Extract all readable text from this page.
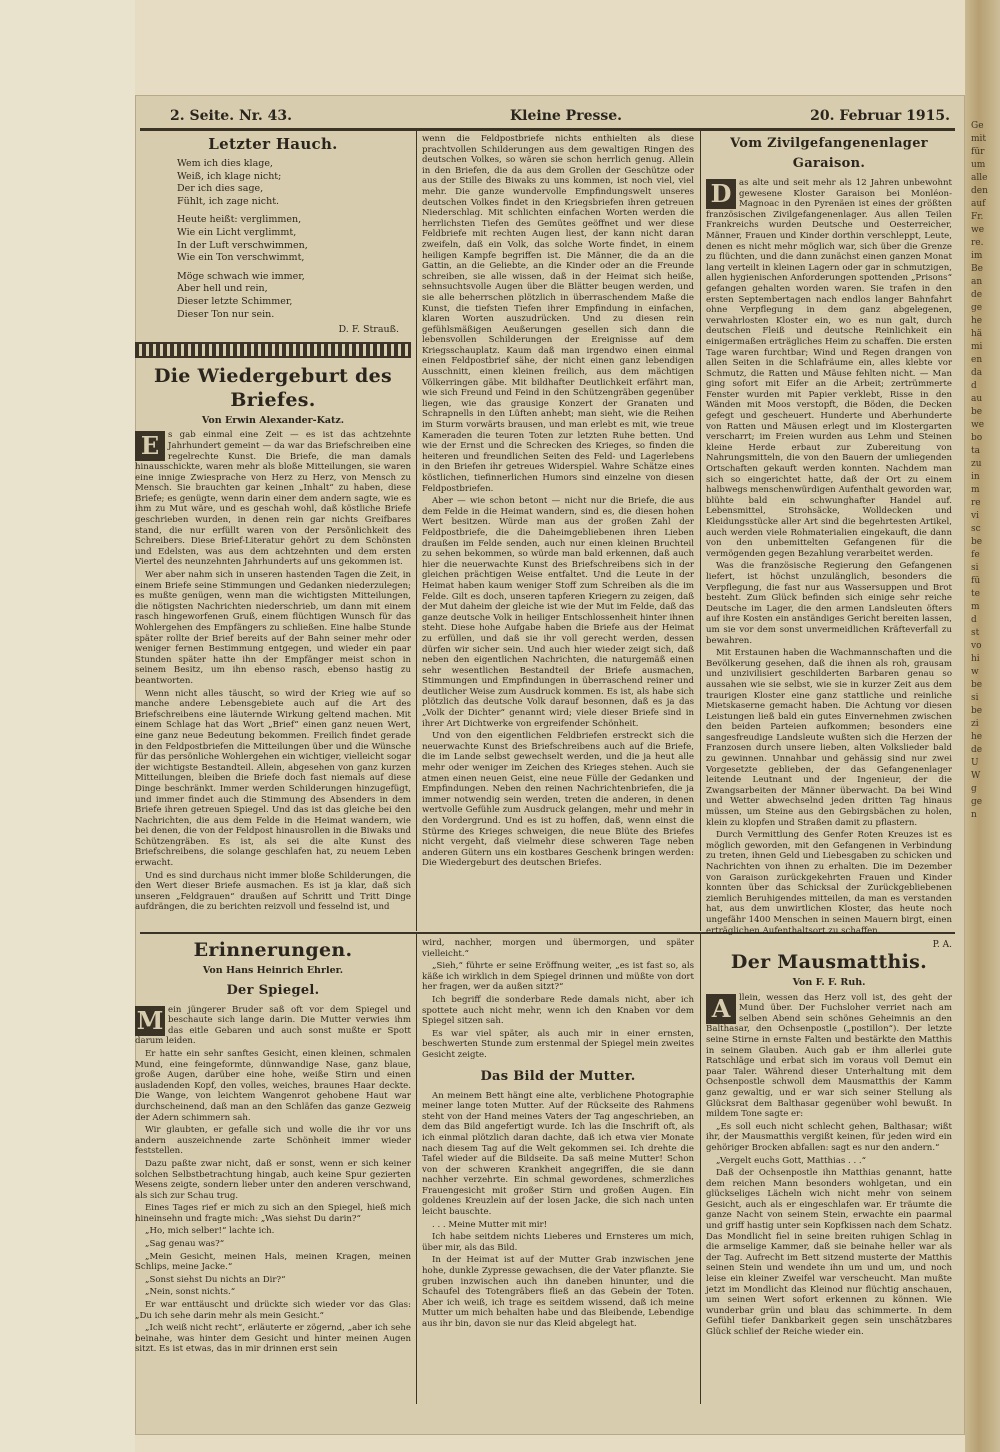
Ge
mit
für
um
alle
den
auf
Fr.
we
re.
im
Be
an
de
ge
he
hä
mi
en
da
d
au
be
we
bo
ta
zu
in
m
re
vi
sc
be
fe
si
fü
te
m
d
st
vo
hi
w
be
si
be
zi
he
de
U
W
g
ge
n
2. Seite. Nr. 43.	Kleine Presse.	20. Februar 1915.
Letzter Hauch.
Wem ich dies klage,
Weiß, ich klage nicht;
Der ich dies sage,
Fühlt, ich zage nicht.
Heute heißt: verglimmen,
Wie ein Licht verglimmt,
In der Luft verschwimmen,
Wie ein Ton verschwimmt,
Möge schwach wie immer,
Aber hell und rein,
Dieser letzte Schimmer,
Dieser Ton nur sein.
D. F. Strauß.
Die Wiedergeburt des Briefes.
Von Erwin Alexander-Katz.
E	s gab einmal eine Zeit — es ist das achtzehnte Jahrhundert gemeint — da war das Briefschreiben eine regelrechte Kunst. Die Briefe, die man damals hinausschickte, waren mehr als bloße Mitteilungen, sie waren eine innige Zwiesprache von Herz zu Herz, von Mensch zu Mensch. Sie brauchten gar keinen „Inhalt“ zu haben, diese Briefe; es genügte, wenn darin einer dem andern sagte, wie es ihm zu Mut wäre, und es geschah wohl, daß köstliche Briefe geschrieben wurden, in denen rein gar nichts Greifbares stand, die nur erfüllt waren von der Persönlichkeit des Schreibers. Diese Brief-Literatur gehört zu dem Schönsten und Edelsten, was aus dem achtzehnten und dem ersten Viertel des neunzehnten Jahrhunderts auf uns gekommen ist.

Wer aber nahm sich in unseren hastenden Tagen die Zeit, in einem Briefe seine Stimmungen und Gedanken niederzulegen; es mußte genügen, wenn man die wichtigsten Mitteilungen, die nötigsten Nachrichten niederschrieb, um dann mit einem rasch hingeworfenen Gruß, einem flüchtigen Wunsch für das Wohlergehen des Empfängers zu schließen. Eine halbe Stunde später rollte der Brief bereits auf der Bahn seiner mehr oder weniger fernen Bestimmung entgegen, und wieder ein paar Stunden später hatte ihn der Empfänger meist schon in seinem Besitz, um ihn ebenso rasch, ebenso hastig zu beantworten.

Wenn nicht alles täuscht, so wird der Krieg wie auf so manche andere Lebensgebiete auch auf die Art des Briefschreibens eine läuternde Wirkung geltend machen. Mit einem Schlage hat das Wort „Brief“ einen ganz neuen Wert, eine ganz neue Bedeutung bekommen. Freilich findet gerade in den Feldpostbriefen die Mitteilungen über und die Wünsche für das persönliche Wohlergehen ein wichtiger, vielleicht sogar der wichtigste Bestandteil. Allein, abgesehen von ganz kurzen Mitteilungen, bleiben die Briefe doch fast niemals auf diese Dinge beschränkt. Immer werden Schilderungen hinzugefügt, und immer findet auch die Stimmung des Absenders in dem Briefe ihren getreuen Spiegel. Und das ist das gleiche bei den Nachrichten, die aus dem Felde in die Heimat wandern, wie bei denen, die von der Feldpost hinausrollen in die Biwaks und Schützengräben. Es ist, als sei die alte Kunst des Briefschreibens, die solange geschlafen hat, zu neuem Leben erwacht.

Und es sind durchaus nicht immer bloße Schilderungen, die den Wert dieser Briefe ausmachen. Es ist ja klar, daß sich unseren „Feldgrauen“ draußen auf Schritt und Tritt Dinge aufdrängen, die zu berichten reizvoll und fesselnd ist, und

wenn die Feldpostbriefe nichts enthielten als diese prachtvollen Schilderungen aus dem gewaltigen Ringen des deutschen Volkes, so wären sie schon herrlich genug. Allein in den Briefen, die da aus dem Grollen der Geschütze oder aus der Stille des Biwaks zu uns kommen, ist noch viel, viel mehr. Die ganze wundervolle Empfindungswelt unseres deutschen Volkes findet in den Kriegsbriefen ihren getreuen Niederschlag. Mit schlichten einfachen Worten werden die herrlichsten Tiefen des Gemütes geöffnet und wer diese Feldbriefe mit rechten Augen liest, der kann nicht daran zweifeln, daß ein Volk, das solche Worte findet, in einem heiligen Kampfe begriffen ist. Die Männer, die da an die Gattin, an die Geliebte, an die Kinder oder an die Freunde schreiben, sie alle wissen, daß in der Heimat sich heiße, sehnsuchtsvolle Augen über die Blätter beugen werden, und sie alle beherrschen plötzlich in überraschendem Maße die Kunst, die tiefsten Tiefen ihrer Empfindung in einfachen, klaren Worten auszudrücken. Und zu diesen rein gefühlsmäßigen Aeußerungen gesellen sich dann die lebensvollen Schilderungen der Ereignisse auf dem Kriegsschauplatz. Kaum daß man irgendwo einen einmal einen Feldpostbrief sähe, der nicht einen ganz lebendigen Ausschnitt, einen kleinen freilich, aus dem mächtigen Völkerringen gäbe. Mit bildhafter Deutlichkeit erfährt man, wie sich Freund und Feind in den Schützengräben gegenüber liegen, wie das grausige Konzert der Granaten und Schrapnells in den Lüften anhebt; man sieht, wie die Reihen im Sturm vorwärts brausen, und man erlebt es mit, wie treue Kameraden die teuren Toten zur letzten Ruhe betten. Und wie der Ernst und die Schrecken des Krieges, so finden die heiteren und freundlichen Seiten des Feld- und Lagerlebens in den Briefen ihr getreues Widerspiel. Wahre Schätze eines köstlichen, tiefinnerlichen Humors sind einzelne von diesen Feldpostbriefen.

Aber — wie schon betont — nicht nur die Briefe, die aus dem Felde in die Heimat wandern, sind es, die diesen hohen Wert besitzen. Würde man aus der großen Zahl der Feldpostbriefe, die die Daheimgebliebenen ihren Lieben draußen im Felde senden, auch nur einen kleinen Bruchteil zu sehen bekommen, so würde man bald erkennen, daß auch hier die neuerwachte Kunst des Briefschreibens sich in der gleichen prächtigen Weise entfaltet. Und die Leute in der Heimat haben kaum weniger Stoff zum Schreiben als die im Felde. Gilt es doch, unseren tapferen Kriegern zu zeigen, daß der Mut daheim der gleiche ist wie der Mut im Felde, daß das ganze deutsche Volk in heiliger Entschlossenheit hinter ihnen steht. Diese hohe Aufgabe haben die Briefe aus der Heimat zu erfüllen, und daß sie ihr voll gerecht werden, dessen dürfen wir sicher sein. Und auch hier wieder zeigt sich, daß neben den eigentlichen Nachrichten, die naturgemäß einen sehr wesentlichen Bestandteil der Briefe ausmachen, Stimmungen und Empfindungen in überraschend reiner und deutlicher Weise zum Ausdruck kommen. Es ist, als habe sich plötzlich das deutsche Volk darauf besonnen, daß es ja das „Volk der Dichter“ genannt wird; viele dieser Briefe sind in ihrer Art Dichtwerke von ergreifender Schönheit.

Und von den eigentlichen Feldbriefen erstreckt sich die neuerwachte Kunst des Briefschreibens auch auf die Briefe, die im Lande selbst gewechselt werden, und die ja heut alle mehr oder weniger im Zeichen des Krieges stehen. Auch sie atmen einen neuen Geist, eine neue Fülle der Gedanken und Empfindungen. Neben den reinen Nachrichtenbriefen, die ja immer notwendig sein werden, treten die anderen, in denen wertvolle Gefühle zum Ausdruck gelangen, mehr und mehr in den Vordergrund. Und es ist zu hoffen, daß, wenn einst die Stürme des Krieges schweigen, die neue Blüte des Briefes nicht vergeht, daß vielmehr diese schweren Tage neben anderen Gütern uns ein kostbares Geschenk bringen werden: Die Wiedergeburt des deutschen Briefes.

Vom Zivilgefangenenlager Garaison.
D as alte und seit mehr als 12 Jahren unbewohnt gewesene Kloster Garaison bei Monléon-Magnoac in den Pyrenäen ist eines der größten französischen Zivilgefangenenlager. Aus allen Teilen Frankreichs wurden Deutsche und Oesterreicher, Männer, Frauen und Kinder dorthin verschleppt, Leute, denen es nicht mehr möglich war, sich über die Grenze zu flüchten, und die dann zunächst einen ganzen Monat lang verteilt in kleinen Lagern oder gar in schmutzigen, allen hygienischen Anforderungen spottenden „Prisons“ gefangen gehalten worden waren. Sie trafen in den ersten Septembertagen nach endlos langer Bahnfahrt ohne Verpflegung in dem ganz abgelegenen, verwahrlosten Kloster ein, wo es nun galt, durch deutschen Fleiß und deutsche Reinlichkeit ein einigermaßen erträgliches Heim zu schaffen. Die ersten Tage waren furchtbar; Wind und Regen drangen von allen Seiten in die Schlafräume ein, alles klebte vor Schmutz, die Ratten und Mäuse fehlten nicht. — Man ging sofort mit Eifer an die Arbeit; zertrümmerte Fenster wurden mit Papier verklebt, Risse in den Wänden mit Moos verstopft, die Böden, die Decken gefegt und gescheuert. Hunderte und Aberhunderte von Ratten und Mäusen erlegt und im Klostergarten verscharrt; im Freien wurden aus Lehm und Steinen kleine Herde erbaut zur Zubereitung von Nahrungsmitteln, die von den Bauern der umliegenden Ortschaften gekauft werden konnten. Nachdem man sich so eingerichtet hatte, daß der Ort zu einem halbwegs menschenwürdigen Aufenthalt geworden war, blühte bald ein schwunghafter Handel auf. Lebensmittel, Strohsäcke, Wolldecken und Kleidungsstücke aller Art sind die begehrtesten Artikel, auch werden viele Rohmaterialien eingekauft, die dann von den unbemittelten Gefangenen für die vermögenden gegen Bezahlung verarbeitet werden.

Was die französische Regierung den Gefangenen liefert, ist höchst unzulänglich, besonders die Verpflegung, die fast nur aus Wassersuppen und Brot besteht. Zum Glück befinden sich einige sehr reiche Deutsche im Lager, die den armen Landsleuten öfters auf ihre Kosten ein anständiges Gericht bereiten lassen, um sie vor dem sonst unvermeidlichen Kräfteverfall zu bewahren.

Mit Erstaunen haben die Wachmannschaften und die Bevölkerung gesehen, daß die ihnen als roh, grausam und unzivilisiert geschilderten Barbaren genau so aussahen wie sie selbst, wie sie in kurzer Zeit aus dem traurigen Kloster eine ganz stattliche und reinliche Mietskaserne gemacht haben. Die Achtung vor diesen Leistungen ließ bald ein gutes Einvernehmen zwischen den beiden Parteien aufkommen; besonders eine sangesfreudige Landsleute wußten sich die Herzen der Franzosen durch unsere lieben, alten Volkslieder bald zu gewinnen. Unnahbar und gehässig sind nur zwei Vorgesetzte geblieben, der das Gefangenenlager leitende Leutnant und der Ingenieur, der die Zwangsarbeiten der Männer überwacht. Da bei Wind und Wetter abwechselnd jeden dritten Tag hinaus müssen, um Steine aus den Gebirgsbächen zu holen, klein zu klopfen und Straßen damit zu pflastern.

Durch Vermittlung des Genfer Roten Kreuzes ist es möglich geworden, mit den Gefangenen in Verbindung zu treten, ihnen Geld und Liebesgaben zu schicken und Nachrichten von ihnen zu erhalten. Die im Dezember von Garaison zurückgekehrten Frauen und Kinder konnten über das Schicksal der Zurückgebliebenen ziemlich Beruhigendes mitteilen, da man es verstanden hat, aus dem unwirtlichen Kloster, das heute noch ungefähr 1400 Menschen in seinen Mauern birgt, einen erträglichen Aufenthaltsort zu schaffen.

P. A.
Erinnerungen.
Von Hans Heinrich Ehrler.
Der Spiegel.
M ein jüngerer Bruder saß oft vor dem Spiegel und beschaute sich lange darin. Die Mutter verwies ihm das eitle Gebaren und auch sonst mußte er Spott darum leiden.

Er hatte ein sehr sanftes Gesicht, einen kleinen, schmalen Mund, eine feingeformte, dünnwandige Nase, ganz blaue, große Augen, darüber eine hohe, weiße Stirn und einen ausladenden Kopf, den volles, weiches, braunes Haar deckte. Die Wange, von leichtem Wangenrot gehobene Haut war durchscheinend, daß man an den Schläfen das ganze Gezweig der Adern schimmern sah.

Wir glaubten, er gefalle sich und wolle die ihr vor uns andern auszeichnende zarte Schönheit immer wieder feststellen.

Dazu paßte zwar nicht, daß er sonst, wenn er sich keiner solchen Selbstbetrachtung hingab, auch keine Spur gezierten Wesens zeigte, sondern lieber unter den anderen verschwand, als sich zur Schau trug.

Eines Tages rief er mich zu sich an den Spiegel, hieß mich hineinsehn und fragte mich: „Was siehst Du darin?“

„Ho, mich selber!“ lachte ich.

„Sag genau was?“

„Mein Gesicht, meinen Hals, meinen Kragen, meinen Schlips, meine Jacke.“

„Sonst siehst Du nichts an Dir?“

„Nein, sonst nichts.“

Er war enttäuscht und drückte sich wieder vor das Glas: „Du ich sehe darin mehr als mein Gesicht.“

„Ich weiß nicht recht“, erläuterte er zögernd, „aber ich sehe beinahe, was hinter dem Gesicht und hinter meinen Augen sitzt. Es ist etwas, das in mir drinnen erst sein

wird, nachher, morgen und übermorgen, und später vielleicht.“

„Sieh,“ führte er seine Eröffnung weiter, „es ist fast so, als käße ich wirklich in dem Spiegel drinnen und müßte von dort her fragen, wer da außen sitzt?“

Ich begriff die sonderbare Rede damals nicht, aber ich spottete auch nicht mehr, wenn ich den Knaben vor dem Spiegel sitzen sah.

Es war viel später, als auch mir in einer ernsten, beschwerten Stunde zum erstenmal der Spiegel mein zweites Gesicht zeigte.

Das Bild der Mutter.

An meinem Bett hängt eine alte, verblichene Photographie meiner lange toten Mutter. Auf der Rückseite des Rahmens steht von der Hand meines Vaters der Tag angeschrieben, an dem das Bild angefertigt wurde. Ich las die Inschrift oft, als ich einmal plötzlich daran dachte, daß ich etwa vier Monate nach diesem Tag auf die Welt gekommen sei. Ich drehte die Tafel wieder auf die Bildseite. Da saß meine Mutter! Schon von der schweren Krankheit angegriffen, die sie dann nachher verzehrte. Ein schmal gewordenes, schmerzliches Frauengesicht mit großer Stirn und großen Augen. Ein goldenes Kreuzlein auf der losen Jacke, die sich nach unten leicht bauschte.

. . . Meine Mutter mit mir!

Ich habe seitdem nichts Lieberes und Ernsteres um mich, über mir, als das Bild.

In der Heimat ist auf der Mutter Grab inzwischen jene hohe, dunkle Zypresse gewachsen, die der Vater pflanzte. Sie gruben inzwischen auch ihn daneben hinunter, und die Schaufel des Totengräbers fließ an das Gebein der Toten. Aber ich weiß, ich trage es seitdem wissend, daß ich meine Mutter um mich behalten habe und das Bleibende, Lebendige aus ihr bin, davon sie nur das Kleid abgelegt hat.

Der Mausmatthis.
Von F. F. Ruh.
A	llein, wessen das Herz voll ist, des geht der Mund über. Der Fuchsloher verriet nach am selben Abend sein schönes Geheimnis an den Balthasar, den Ochsenpostle („postillon“). Der letzte seine Stirne in ernste Falten und bestärkte den Matthis in seinem Glauben. Auch gab er ihm allerlei gute Ratschläge und erbat sich im voraus voll Demut ein paar Taler. Während dieser Unterhaltung mit dem Ochsenpostle schwoll dem Mausmatthis der Kamm ganz gewaltig, und er war sich seiner Stellung als Glücksrat dem Balthasar gegenüber wohl bewußt. In mildem Tone sagte er:

„Es soll euch nicht schlecht gehen, Balthasar; wißt ihr, der Mausmatthis vergißt keinen, für jeden wird ein gehöriger Brocken abfallen: sagt es nur den andern.“

„Vergelt euchs Gott, Matthias . . .“

Daß der Ochsenpostle ihn Matthias genannt, hatte dem reichen Mann besonders wohlgetan, und ein glückseliges Lächeln wich nicht mehr von seinem Gesicht, auch als er eingeschlafen war. Er träumte die ganze Nacht von seinem Stein, erwachte ein paarmal und griff hastig unter sein Kopfkissen nach dem Schatz. Das Mondlicht fiel in seine breiten ruhigen Schlag in die armselige Kammer, daß sie beinahe heller war als der Tag. Aufrecht im Bett sitzend musterte der Matthis seinen Stein und wendete ihn um und um, und noch leise ein kleiner Zweifel war verscheucht. Man mußte jetzt im Mondlicht das Kleinod nur flüchtig anschauen, um seinen Wert sofort erkennen zu können. Wie wunderbar grün und blau das schimmerte. In dem Gefühl tiefer Dankbarkeit gegen sein unschätzbares Glück schlief der Reiche wieder ein.
